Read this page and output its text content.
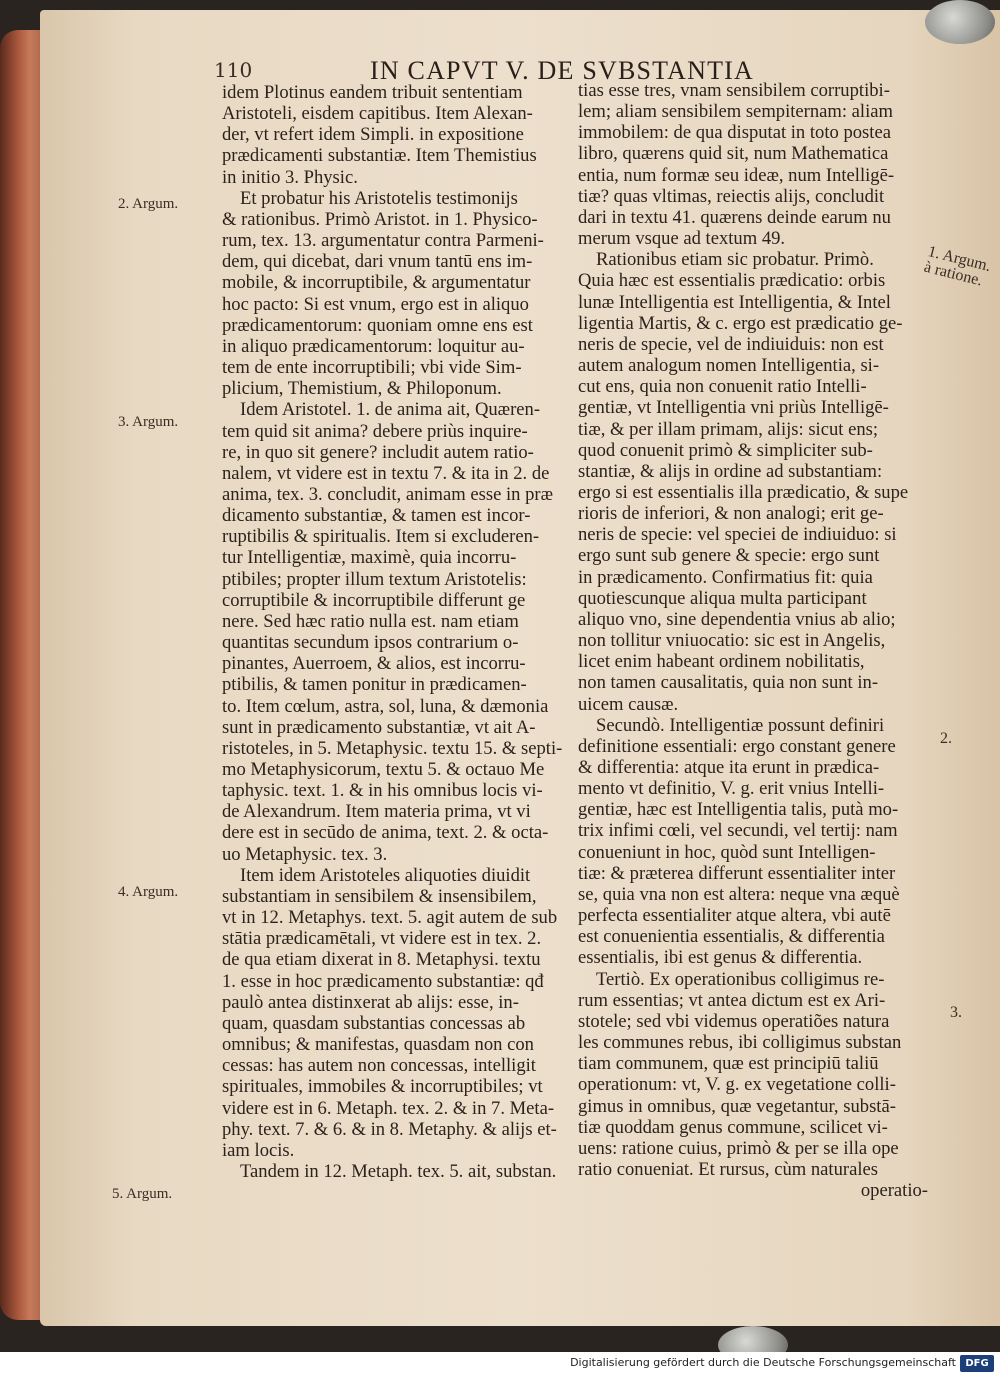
110	IN CAPVT V. DE SVBSTANTIA
2. Argum.
3. Argum.
4. Argum.
5. Argum.
1. Argum. à ratione.
2.
3.
idem Plotinus eandem tribuit sententiam
Aristoteli, eisdem capitibus. Item Alexan-
der, vt refert idem Simpli. in expositione
prædicamenti substantiæ. Item Themistius
in initio 3. Physic.
Et probatur his Aristotelis testimonijs
& rationibus. Primò Aristot. in 1. Physico-
rum, tex. 13. argumentatur contra Parmeni-
dem, qui dicebat, dari vnum tantū ens im-
mobile, & incorruptibile, & argumentatur
hoc pacto: Si est vnum, ergo est in aliquo
prædicamentorum: quoniam omne ens est
in aliquo prædicamentorum: loquitur au-
tem de ente incorruptibili; vbi vide Sim-
plicium, Themistium, & Philoponum.
Idem Aristotel. 1. de anima ait, Quæren-
tem quid sit anima? debere priùs inquire-
re, in quo sit genere? includit autem ratio-
nalem, vt videre est in textu 7. & ita in 2. de
anima, tex. 3. concludit, animam esse in præ
dicamento substantiæ, & tamen est incor-
ruptibilis & spiritualis. Item si excluderen-
tur Intelligentiæ, maximè, quia incorru-
ptibiles; propter illum textum Aristotelis:
corruptibile & incorruptibile differunt ge
nere. Sed hæc ratio nulla est. nam etiam
quantitas secundum ipsos contrarium o-
pinantes, Auerroem, & alios, est incorru-
ptibilis, & tamen ponitur in prædicamen-
to. Item cœlum, astra, sol, luna, & dæmonia
sunt in prædicamento substantiæ, vt ait A-
ristoteles, in 5. Metaphysic. textu 15. & septi-
mo Metaphysicorum, textu 5. & octauo Me
taphysic. text. 1. & in his omnibus locis vi-
de Alexandrum. Item materia prima, vt vi
dere est in secūdo de anima, text. 2. & octa-
uo Metaphysic. tex. 3.
Item idem Aristoteles aliquoties diuidit
substantiam in sensibilem & insensibilem,
vt in 12. Metaphys. text. 5. agit autem de sub
stātia prædicamētali, vt videre est in tex. 2.
de qua etiam dixerat in 8. Metaphysi. textu
1. esse in hoc prædicamento substantiæ: qđ
paulò antea distinxerat ab alijs: esse, in-
quam, quasdam substantias concessas ab
omnibus; & manifestas, quasdam non con
cessas: has autem non concessas, intelligit
spirituales, immobiles & incorruptibiles; vt
videre est in 6. Metaph. tex. 2. & in 7. Meta-
phy. text. 7. & 6. & in 8. Metaphy. & alijs et-
iam locis.
Tandem in 12. Metaph. tex. 5. ait, substan.
tias esse tres, vnam sensibilem corruptibi-
lem; aliam sensibilem sempiternam: aliam
immobilem: de qua disputat in toto postea
libro, quærens quid sit, num Mathematica
entia, num formæ seu ideæ, num Intelligē-
tiæ? quas vltimas, reiectis alijs, concludit
dari in textu 41. quærens deinde earum nu
merum vsque ad textum 49.
Rationibus etiam sic probatur. Primò.
Quia hæc est essentialis prædicatio: orbis
lunæ Intelligentia est Intelligentia, & Intel
ligentia Martis, & c. ergo est prædicatio ge-
neris de specie, vel de indiuiduis: non est
autem analogum nomen Intelligentia, si-
cut ens, quia non conuenit ratio Intelli-
gentiæ, vt Intelligentia vni priùs Intelligē-
tiæ, & per illam primam, alijs: sicut ens;
quod conuenit primò & simpliciter sub-
stantiæ, & alijs in ordine ad substantiam:
ergo si est essentialis illa prædicatio, & supe
rioris de inferiori, & non analogi; erit ge-
neris de specie: vel speciei de indiuiduo: si
ergo sunt sub genere & specie: ergo sunt
in prædicamento. Confirmatius fit: quia
quotiescunque aliqua multa participant
aliquo vno, sine dependentia vnius ab alio;
non tollitur vniuocatio: sic est in Angelis,
licet enim habeant ordinem nobilitatis,
non tamen causalitatis, quia non sunt in-
uicem causæ.
Secundò. Intelligentiæ possunt definiri
definitione essentiali: ergo constant genere
& differentia: atque ita erunt in prædica-
mento vt definitio, V. g. erit vnius Intelli-
gentiæ, hæc est Intelligentia talis, putà mo-
trix infimi cœli, vel secundi, vel tertij: nam
conueniunt in hoc, quòd sunt Intelligen-
tiæ: & præterea differunt essentialiter inter
se, quia vna non est altera: neque vna æquè
perfecta essentialiter atque altera, vbi autē
est conuenientia essentialis, & differentia
essentialis, ibi est genus & differentia.
Tertiò. Ex operationibus colligimus re-
rum essentias; vt antea dictum est ex Ari-
stotele; sed vbi videmus operatiões natura
les communes rebus, ibi colligimus substan
tiam communem, quæ est principiū taliū
operationum: vt, V. g. ex vegetatione colli-
gimus in omnibus, quæ vegetantur, substā-
tiæ quoddam genus commune, scilicet vi-
uens: ratione cuius, primò & per se illa ope
ratio conueniat. Et rursus, cùm naturales
operatio-
Digitalisierung gefördert durch die Deutsche Forschungsgemeinschaft DFG
